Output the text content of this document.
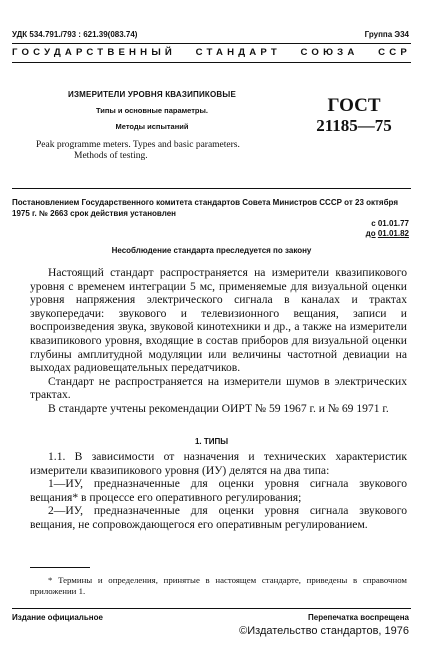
УДК 534.791./793 : 621.39(083.74)	Группа Э34
ГОСУДАРСТВЕННЫЙ СТАНДАРТ СОЮЗА ССР
ИЗМЕРИТЕЛИ УРОВНЯ КВАЗИПИКОВЫЕ
Типы и основные параметры.
Методы испытаний
Peak programme meters. Types and basic parameters.
Methods of testing.
ГОСТ
21185—75
Постановлением Государственного комитета стандартов Совета Министров СССР от 23 октября 1975 г. № 2663 срок действия установлен
с 01.01.77
до 01.01.82
Несоблюдение стандарта преследуется по закону

Настоящий стандарт распространяется на измерители квазипикового уровня с временем интеграции 5 мс, применяемые для визуальной оценки уровня напряжения электрического сигнала в каналах и трактах звукопередачи: звукового и телевизионного вещания, записи и воспроизведения звука, звуковой кинотехники и др., а также на измерители квазипикового уровня, входящие в состав приборов для визуальной оценки глубины амплитудной модуляции или величины частотной девиации на выходах радиовещательных передатчиков.

Стандарт не распространяется на измерители шумов в электрических трактах.

В стандарте учтены рекомендации ОИРТ № 59 1967 г. и № 69 1971 г.

1. ТИПЫ

1.1. В зависимости от назначения и технических характеристик измерители квазипикового уровня (ИУ) делятся на два типа:

1—ИУ, предназначенные для оценки уровня сигнала звукового вещания* в процессе его оперативного регулирования;

2—ИУ, предназначенные для оценки уровня сигнала звукового вещания, не сопровождающегося его оперативным регулированием.

* Термины и определения, принятые в настоящем стандарте, приведены в справочном приложении 1.

Издание официальное	Перепечатка воспрещена
©Издательство стандартов, 1976
